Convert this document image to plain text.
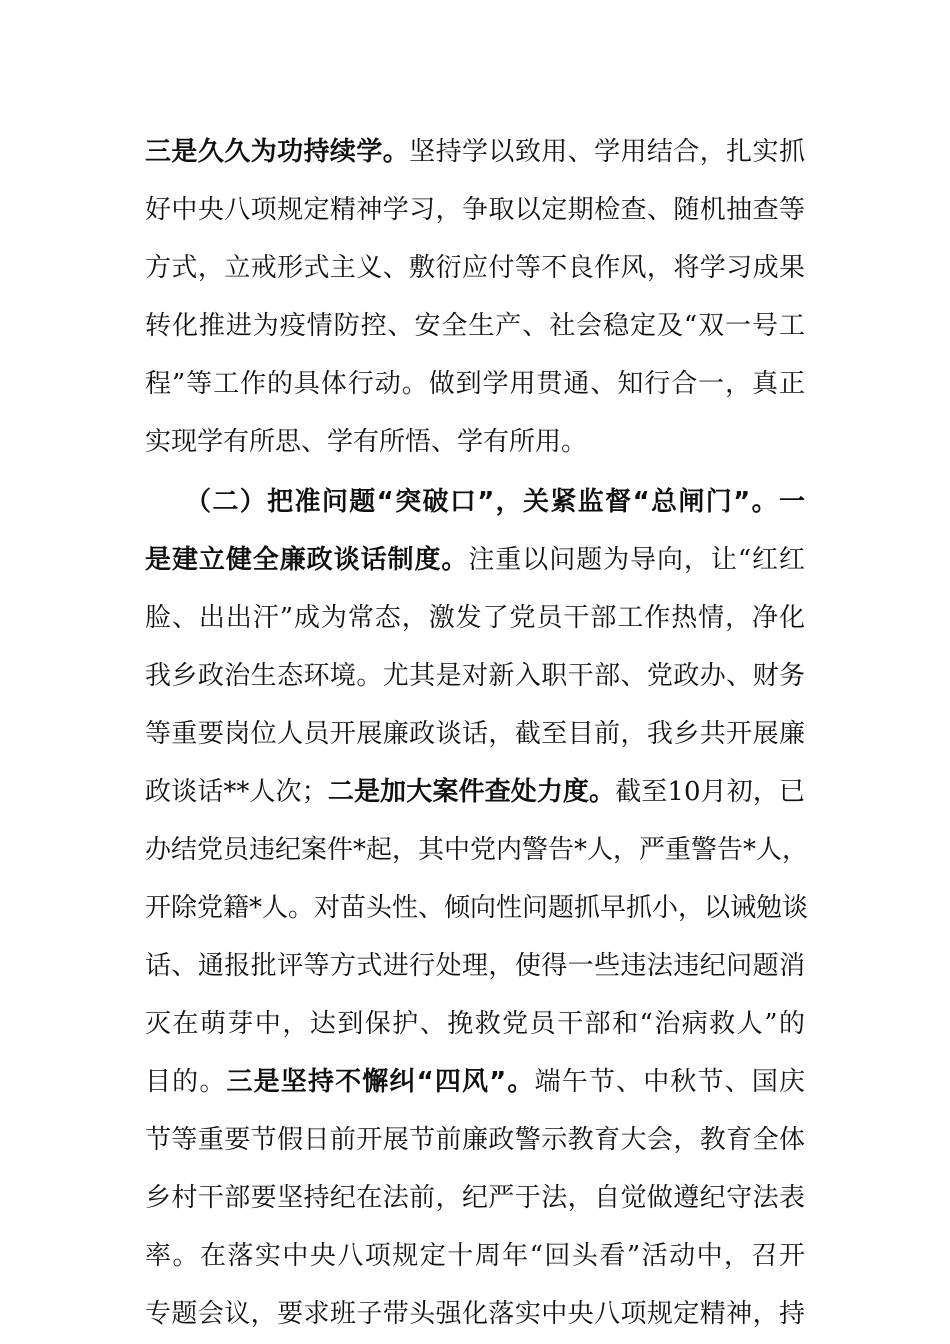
三是久久为功持续学。坚持学以致用、学用结合，扎实抓
好中央八项规定精神学习，争取以定期检查、随机抽查等
方式，立戒形式主义、敷衍应付等不良作风，将学习成果
转化推进为疫情防控、安全生产、社会稳定及“双一号工
程”等工作的具体行动。做到学用贯通、知行合一，真正
实现学有所思、学有所悟、学有所用。
（二）把准问题“突破口”，关紧监督“总闸门”。一
是建立健全廉政谈话制度。注重以问题为导向，让“红红
脸、出出汗”成为常态，激发了党员干部工作热情，净化
我乡政治生态环境。尤其是对新入职干部、党政办、财务
等重要岗位人员开展廉政谈话，截至目前，我乡共开展廉
政谈话**人次；二是加大案件查处力度。截至10月初，已
办结党员违纪案件*起，其中党内警告*人，严重警告*人，
开除党籍*人。对苗头性、倾向性问题抓早抓小，以诫勉谈
话、通报批评等方式进行处理，使得一些违法违纪问题消
灭在萌芽中，达到保护、挽救党员干部和“治病救人”的
目的。三是坚持不懈纠“四风”。端午节、中秋节、国庆
节等重要节假日前开展节前廉政警示教育大会，教育全体
乡村干部要坚持纪在法前，纪严于法，自觉做遵纪守法表
率。在落实中央八项规定十周年“回头看”活动中，召开
专题会议，要求班子带头强化落实中央八项规定精神，持
